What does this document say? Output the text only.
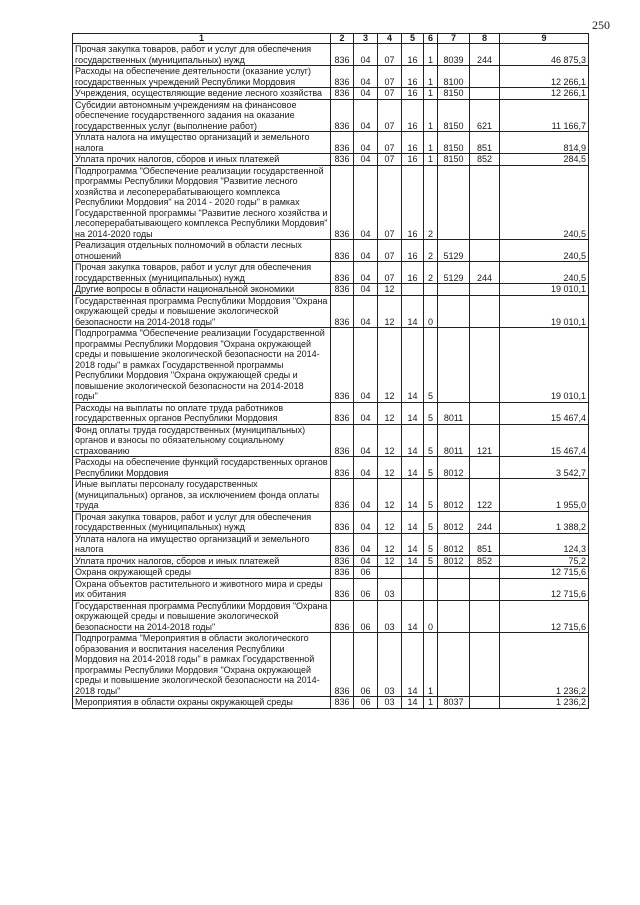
250
1	2	3	4	5	6	7	8	9
Прочая закупка товаров, работ и услуг для обеспечения государственных (муниципальных) нужд	836	04	07	16	1	8039	244	46 875,3
Расходы на обеспечение деятельности (оказание услуг) государственных учреждений Республики Мордовия	836	04	07	16	1	8100		12 266,1
Учреждения, осуществляющие ведение лесного хозяйства	836	04	07	16	1	8150		12 266,1
Субсидии автономным учреждениям на финансовое обеспечение государственного задания на оказание государственных услуг (выполнение работ)	836	04	07	16	1	8150	621	11 166,7
Уплата налога на имущество организаций и земельного налога	836	04	07	16	1	8150	851	814,9
Уплата прочих налогов, сборов и иных платежей	836	04	07	16	1	8150	852	284,5
Подпрограмма "Обеспечение реализации государственной программы Республики Мордовия "Развитие лесного хозяйства и лесоперерабатывающего комплекса Республики Мордовия" на 2014 - 2020 годы" в рамках Государственной программы "Развитие лесного хозяйства и лесоперерабатывающего комплекса Республики Мордовия" на 2014-2020 годы	836	04	07	16	2			240,5
Реализация отдельных полномочий в области лесных отношений	836	04	07	16	2	5129		240,5
Прочая закупка товаров, работ и услуг для обеспечения государственных (муниципальных) нужд	836	04	07	16	2	5129	244	240,5
Другие вопросы в области национальной экономики	836	04	12					19 010,1
Государственная программа Республики Мордовия "Охрана окружающей среды и повышение экологической безопасности на 2014-2018 годы"	836	04	12	14	0			19 010,1
Подпрограмма "Обеспечение реализации Государственной программы Республики Мордовия "Охрана окружающей среды и повышение экологической безопасности на 2014-2018 годы" в рамках Государственной программы Республики Мордовия "Охрана окружающей среды и повышение экологической безопасности на 2014-2018 годы"	836	04	12	14	5			19 010,1
Расходы на выплаты по оплате труда работников государственных органов Республики Мордовия	836	04	12	14	5	8011		15 467,4
Фонд оплаты труда государственных (муниципальных) органов и взносы по обязательному социальному страхованию	836	04	12	14	5	8011	121	15 467,4
Расходы на обеспечение функций государственных органов Республики Мордовия	836	04	12	14	5	8012		3 542,7
Иные выплаты персоналу государственных (муниципальных) органов, за исключением фонда оплаты труда	836	04	12	14	5	8012	122	1 955,0
Прочая закупка товаров, работ и услуг для обеспечения государственных (муниципальных) нужд	836	04	12	14	5	8012	244	1 388,2
Уплата налога на имущество организаций и земельного налога	836	04	12	14	5	8012	851	124,3
Уплата прочих налогов, сборов и иных платежей	836	04	12	14	5	8012	852	75,2
Охрана окружающей среды	836	06						12 715,6
Охрана объектов растительного и животного мира и среды их обитания	836	06	03					12 715,6
Государственная программа Республики Мордовия "Охрана окружающей среды и повышение экологической безопасности на 2014-2018 годы"	836	06	03	14	0			12 715,6
Подпрограмма "Мероприятия в области экологического образования и воспитания населения Республики Мордовия на 2014-2018 годы" в рамках Государственной программы Республики Мордовия "Охрана окружающей среды и повышение экологической безопасности на 2014-2018 годы"	836	06	03	14	1			1 236,2
Мероприятия в области охраны окружающей среды	836	06	03	14	1	8037		1 236,2
